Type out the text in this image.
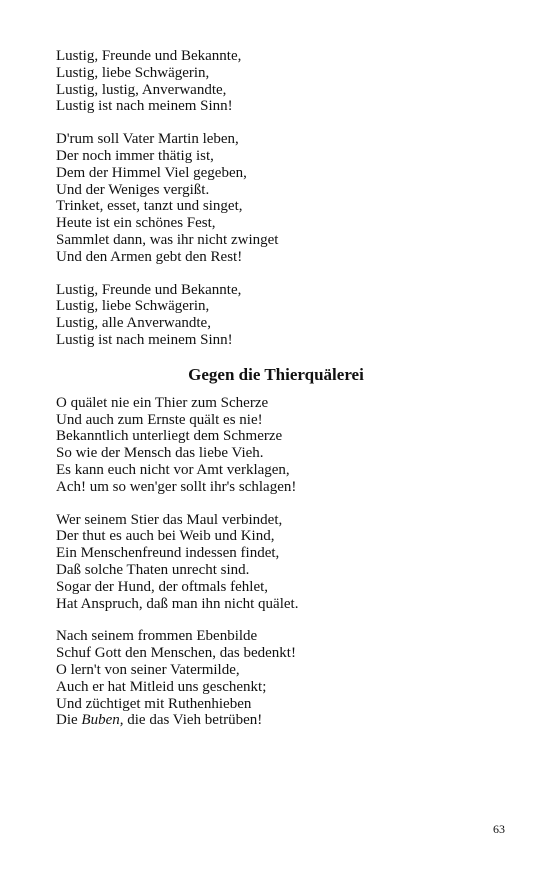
Lustig, Freunde und Bekannte,
Lustig, liebe Schwägerin,
Lustig, lustig, Anverwandte,
Lustig ist nach meinem Sinn!
D'rum soll Vater Martin leben,
Der noch immer thätig ist,
Dem der Himmel Viel gegeben,
Und der Weniges vergißt.
Trinket, esset, tanzt und singet,
Heute ist ein schönes Fest,
Sammlet dann, was ihr nicht zwinget
Und den Armen gebt den Rest!
Lustig, Freunde und Bekannte,
Lustig, liebe Schwägerin,
Lustig, alle Anverwandte,
Lustig ist nach meinem Sinn!
Gegen die Thierquälerei
O quälet nie ein Thier zum Scherze
Und auch zum Ernste quält es nie!
Bekanntlich unterliegt dem Schmerze
So wie der Mensch das liebe Vieh.
Es kann euch nicht vor Amt verklagen,
Ach! um so wen'ger sollt ihr's schlagen!
Wer seinem Stier das Maul verbindet,
Der thut es auch bei Weib und Kind,
Ein Menschenfreund indessen findet,
Daß solche Thaten unrecht sind.
Sogar der Hund, der oftmals fehlet,
Hat Anspruch, daß man ihn nicht quälet.
Nach seinem frommen Ebenbilde
Schuf Gott den Menschen, das bedenkt!
O lern't von seiner Vatermilde,
Auch er hat Mitleid uns geschenkt;
Und züchtiget mit Ruthenhieben
Die Buben, die das Vieh betrüben!
63
